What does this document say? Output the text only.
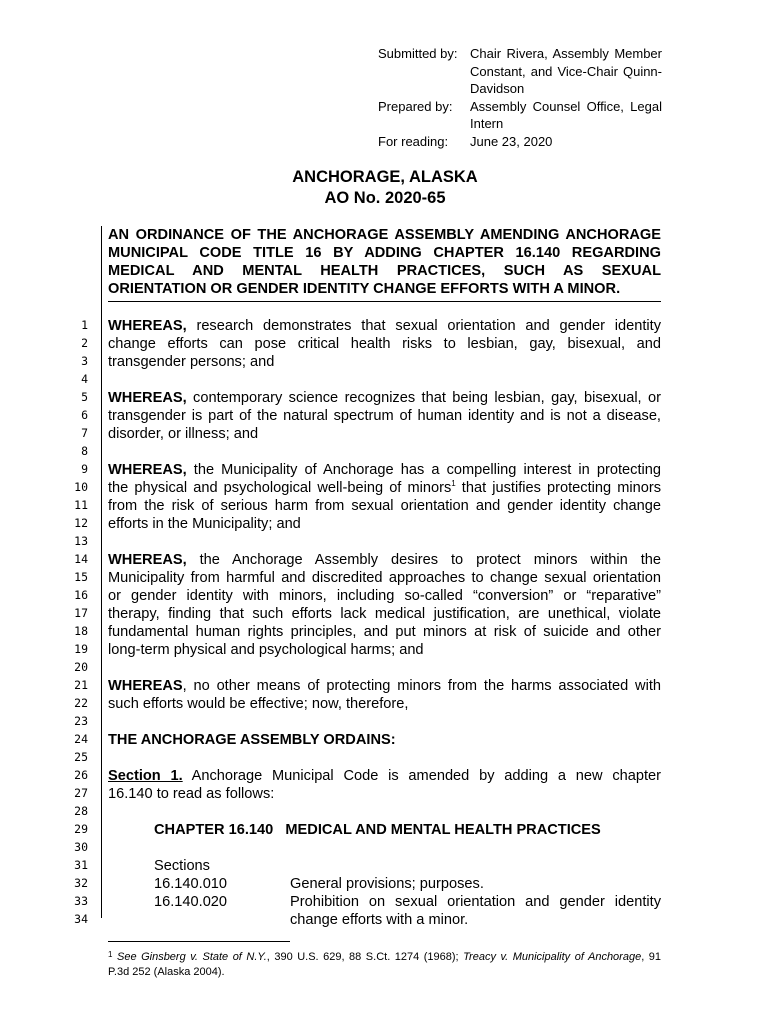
Submitted by: Chair Rivera, Assembly Member Constant, and Vice-Chair Quinn-Davidson
Prepared by:	Assembly Counsel Office, Legal Intern
For reading:	June 23, 2020
ANCHORAGE, ALASKA
AO No. 2020-65
AN ORDINANCE OF THE ANCHORAGE ASSEMBLY AMENDING ANCHORAGE
MUNICIPAL CODE TITLE 16 BY ADDING CHAPTER 16.140 REGARDING
MEDICAL AND MENTAL HEALTH PRACTICES, SUCH AS SEXUAL
ORIENTATION OR GENDER IDENTITY CHANGE EFFORTS WITH A MINOR.
1
2
3
4
5
6
7
8
9
10
11
12
13
14
15
16
17
18
19
20
21
22
23
24
25
26
27
28
29
30
31
32
33
34
WHEREAS, research demonstrates that sexual orientation and gender identity
change efforts can pose critical health risks to lesbian, gay, bisexual, and
transgender persons; and
WHEREAS, contemporary science recognizes that being lesbian, gay, bisexual, or
transgender is part of the natural spectrum of human identity and is not a disease,
disorder, or illness; and
WHEREAS, the Municipality of Anchorage has a compelling interest in protecting
the physical and psychological well-being of minors$^1$ that justifies protecting minors
from the risk of serious harm from sexual orientation and gender identity change
efforts in the Municipality; and
WHEREAS, the Anchorage Assembly desires to protect minors within the
Municipality from harmful and discredited approaches to change sexual orientation
or gender identity with minors, including so-called “conversion” or “reparative”
therapy, finding that such efforts lack medical justification, are unethical, violate
fundamental human rights principles, and put minors at risk of suicide and other
long-term physical and psychological harms; and
WHEREAS, no other means of protecting minors from the harms associated with
such efforts would be effective; now, therefore,
THE ANCHORAGE ASSEMBLY ORDAINS:
Section 1. Anchorage Municipal Code is amended by adding a new chapter
16.140 to read as follows:
CHAPTER 16.140   MEDICAL AND MENTAL HEALTH PRACTICES
Sections
16.140.010	General provisions; purposes.
16.140.020	Prohibition on sexual orientation and gender identity
change efforts with a minor.
$^1$ See Ginsberg v. State of N.Y., 390 U.S. 629, 88 S.Ct. 1274 (1968); Treacy v. Municipality of Anchorage, 91
P.3d 252 (Alaska 2004).
